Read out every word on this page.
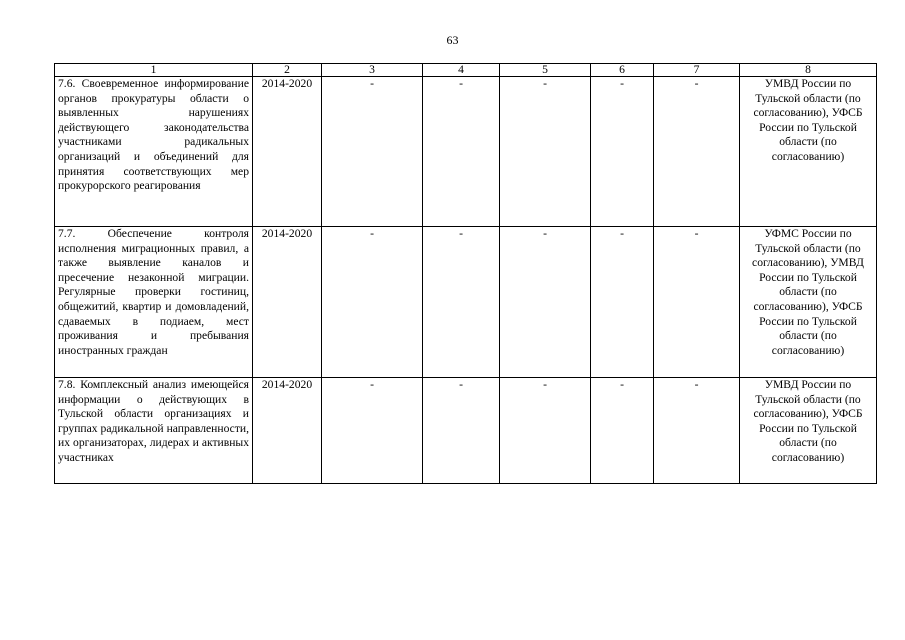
63
1	2	3	4	5	6	7	8
7.6. Своевременное информирование органов прокуратуры области о выявленных нарушениях действующего законодательства участниками радикальных организаций и объединений для принятия соответствующих мер прокурорского реагирования	2014-2020	-	-	-	-	-	УМВД России по Тульской области (по согласованию), УФСБ России по Тульской области (по согласованию)
7.7. Обеспечение контроля исполнения миграционных правил, а также выявление каналов и пресечение незаконной миграции. Регулярные проверки гостиниц, общежитий, квартир и домовладений, сдаваемых в подиаем, мест проживания и пребывания иностранных граждан	2014-2020	-	-	-	-	-	УФМС России по Тульской области (по согласованию), УМВД России по Тульской области (по согласованию), УФСБ России по Тульской области (по согласованию)
7.8. Комплексный анализ имеющейся информации о действующих в Тульской области организациях и группах радикальной направленности, их организаторах, лидерах и активных участниках	2014-2020	-	-	-	-	-	УМВД России по Тульской области (по согласованию), УФСБ России по Тульской области (по согласованию)
